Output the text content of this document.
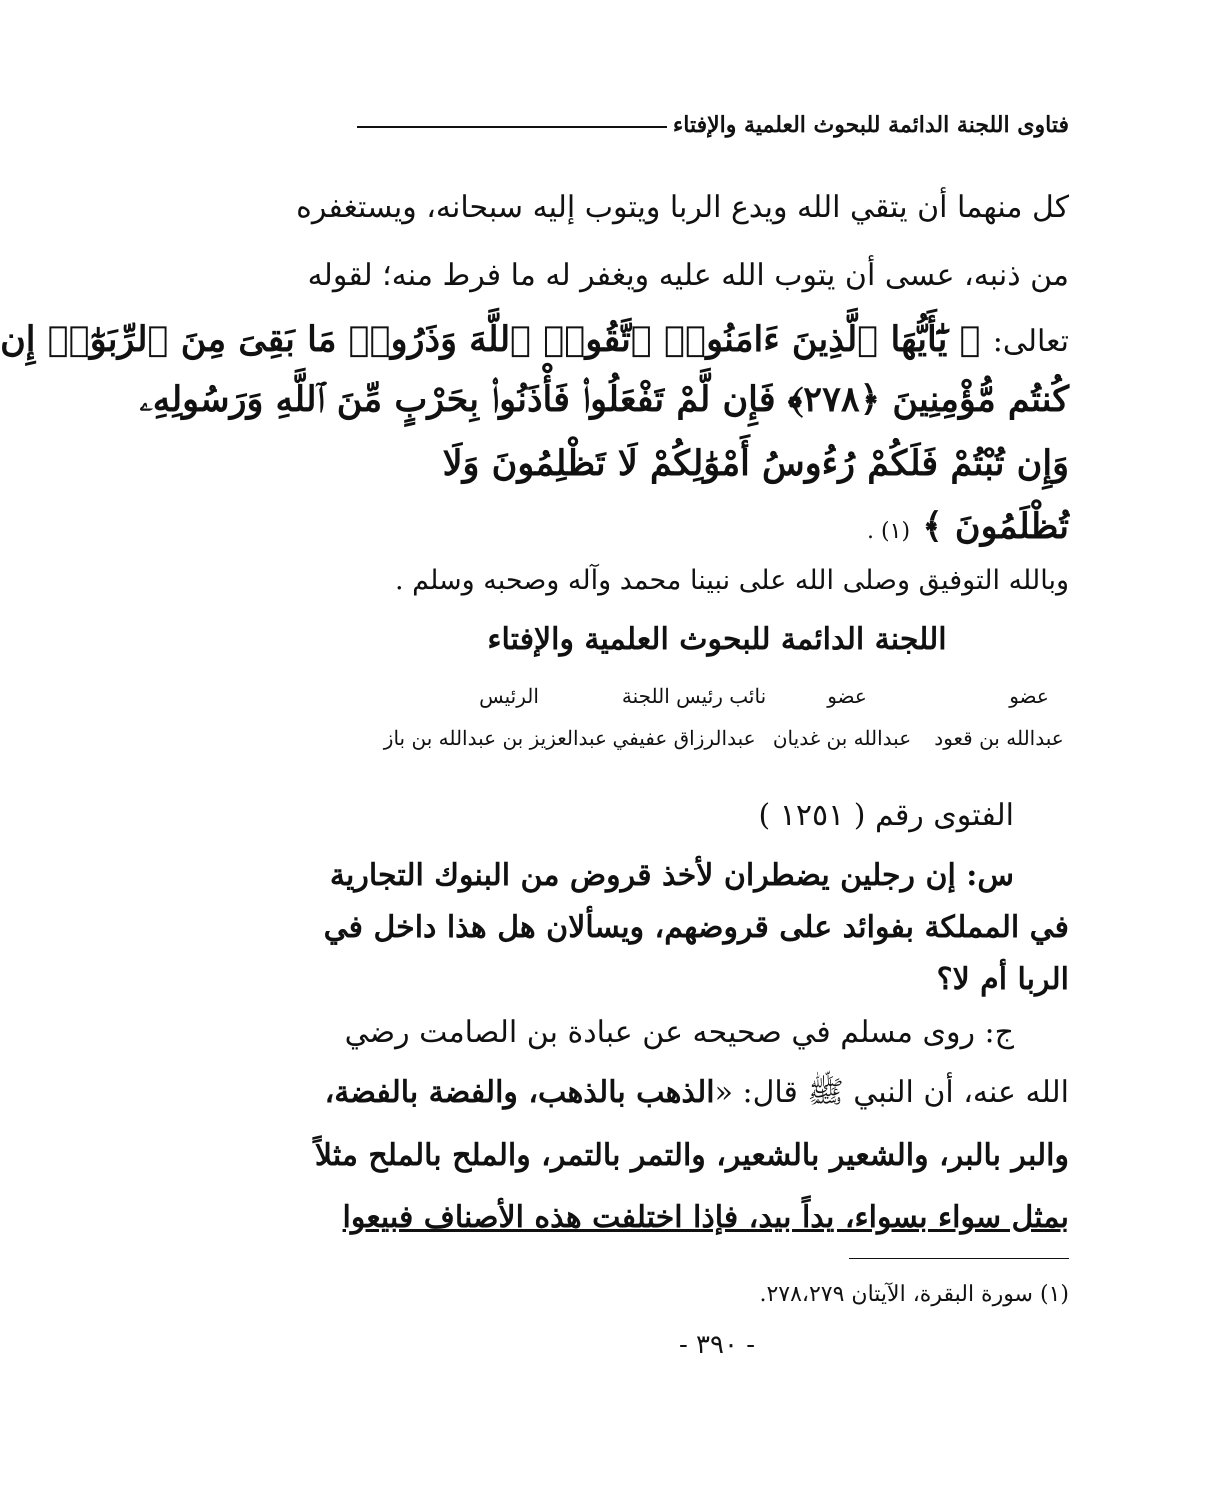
فتاوى اللجنة الدائمة للبحوث العلمية والإفتاء
كل منهما أن يتقي الله ويدع الربا ويتوب إليه سبحانه، ويستغفره
من ذنبه، عسى أن يتوب الله عليه ويغفر له ما فرط منه؛ لقوله
تعالى: ﴿ يَٰٓأَيُّهَا ٱلَّذِينَ ءَامَنُوا۟ ٱتَّقُوا۟ ٱللَّهَ وَذَرُوا۟ مَا بَقِىَ مِنَ ٱلرِّبَوٰٓا۟ إِن
كُنتُم مُّؤْمِنِينَ ﴿٢٧٨﴾ فَإِن لَّمْ تَفْعَلُوا۟ فَأْذَنُوا۟ بِحَرْبٍ مِّنَ ٱللَّهِ وَرَسُولِهِۦ
وَإِن تُبْتُمْ فَلَكُمْ رُءُوسُ أَمْوَٰلِكُمْ لَا تَظْلِمُونَ وَلَا
تُظْلَمُونَ ﴾ (١) .
وبالله التوفيق وصلى الله على نبينا محمد وآله وصحبه وسلم .
اللجنة الدائمة للبحوث العلمية والإفتاء
عضو
عضو
نائب رئيس اللجنة
الرئيس
عبدالله بن قعود
عبدالله بن غديان
عبدالرزاق عفيفي
عبدالعزيز بن عبدالله بن باز
الفتوى رقم ( ١٢٥١ )
س: إن رجلين يضطران لأخذ قروض من البنوك التجارية
في المملكة بفوائد على قروضهم، ويسألان هل هذا داخل في
الربا أم لا؟
ج: روى مسلم في صحيحه عن عبادة بن الصامت رضي
الله عنه، أن النبي ﷺ قال: «الذهب بالذهب، والفضة بالفضة،
والبر بالبر، والشعير بالشعير، والتمر بالتمر، والملح بالملح مثلاً
بمثل سواء بسواء، يداً بيد، فإذا اختلفت هذه الأصناف فبيعوا
(١) سورة البقرة، الآيتان ٢٧٨،٢٧٩.
- ٣٩٠ -
